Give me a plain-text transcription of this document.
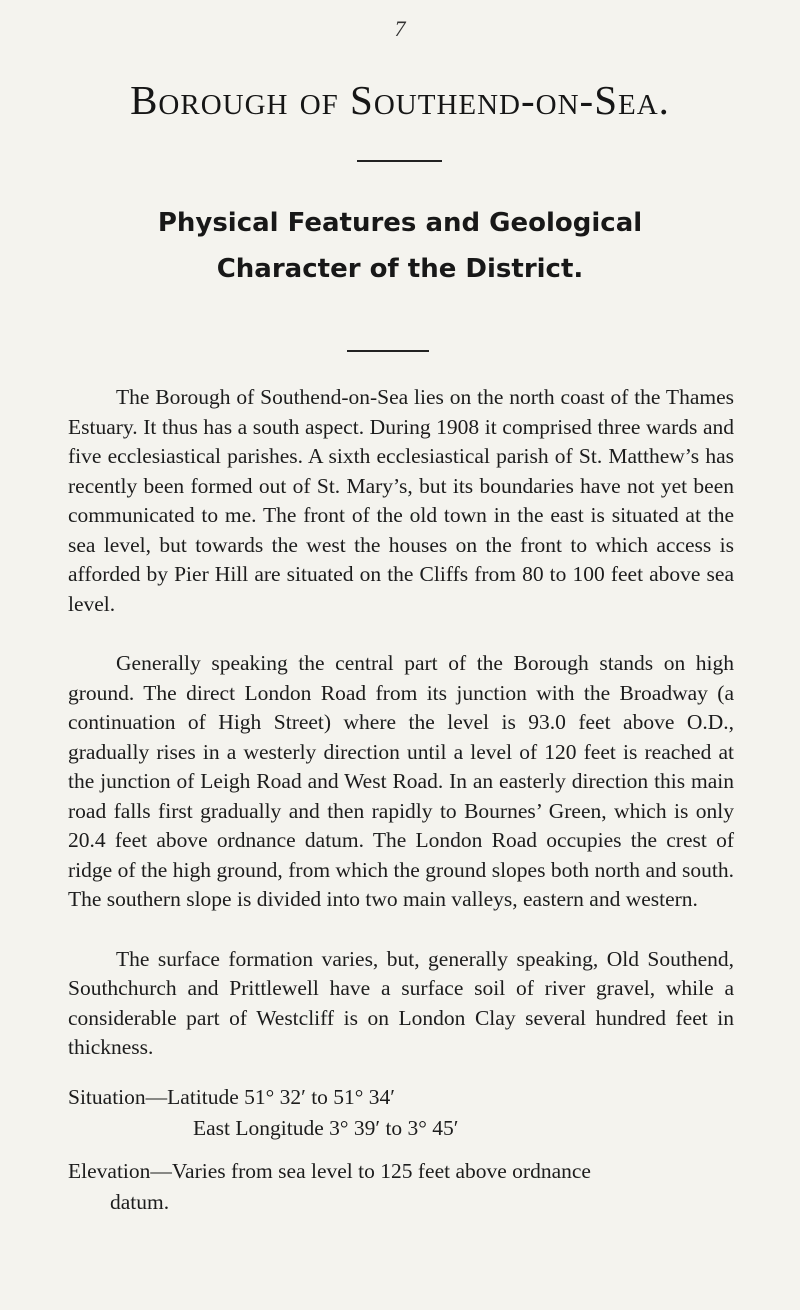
7
Borough of Southend-on-Sea.
Physical Features and Geological
Character of the District.

The Borough of Southend-on-Sea lies on the north coast of the Thames Estuary. It thus has a south aspect. During 1908 it comprised three wards and five ecclesiastical parishes. A sixth ecclesiastical parish of St. Matthew’s has recently been formed out of St. Mary’s, but its boundaries have not yet been communicated to me. The front of the old town in the east is situated at the sea level, but towards the west the houses on the front to which access is afforded by Pier Hill are situated on the Cliffs from 80 to 100 feet above sea level.

Generally speaking the central part of the Borough stands on high ground. The direct London Road from its junction with the Broadway (a continuation of High Street) where the level is 93.0 feet above O.D., gradually rises in a westerly direction until a level of 120 feet is reached at the junction of Leigh Road and West Road. In an easterly direction this main road falls first gradually and then rapidly to Bournes’ Green, which is only 20.4 feet above ordnance datum. The London Road occupies the crest of ridge of the high ground, from which the ground slopes both north and south. The southern slope is divided into two main valleys, eastern and western.

The surface formation varies, but, generally speaking, Old Southend, Southchurch and Prittlewell have a surface soil of river gravel, while a considerable part of Westcliff is on London Clay several hundred feet in thickness.

Situation—Latitude 51° 32′ to 51° 34′
East Longitude 3° 39′ to 3° 45′
Elevation—Varies from sea level to 125 feet above ordnance
datum.
